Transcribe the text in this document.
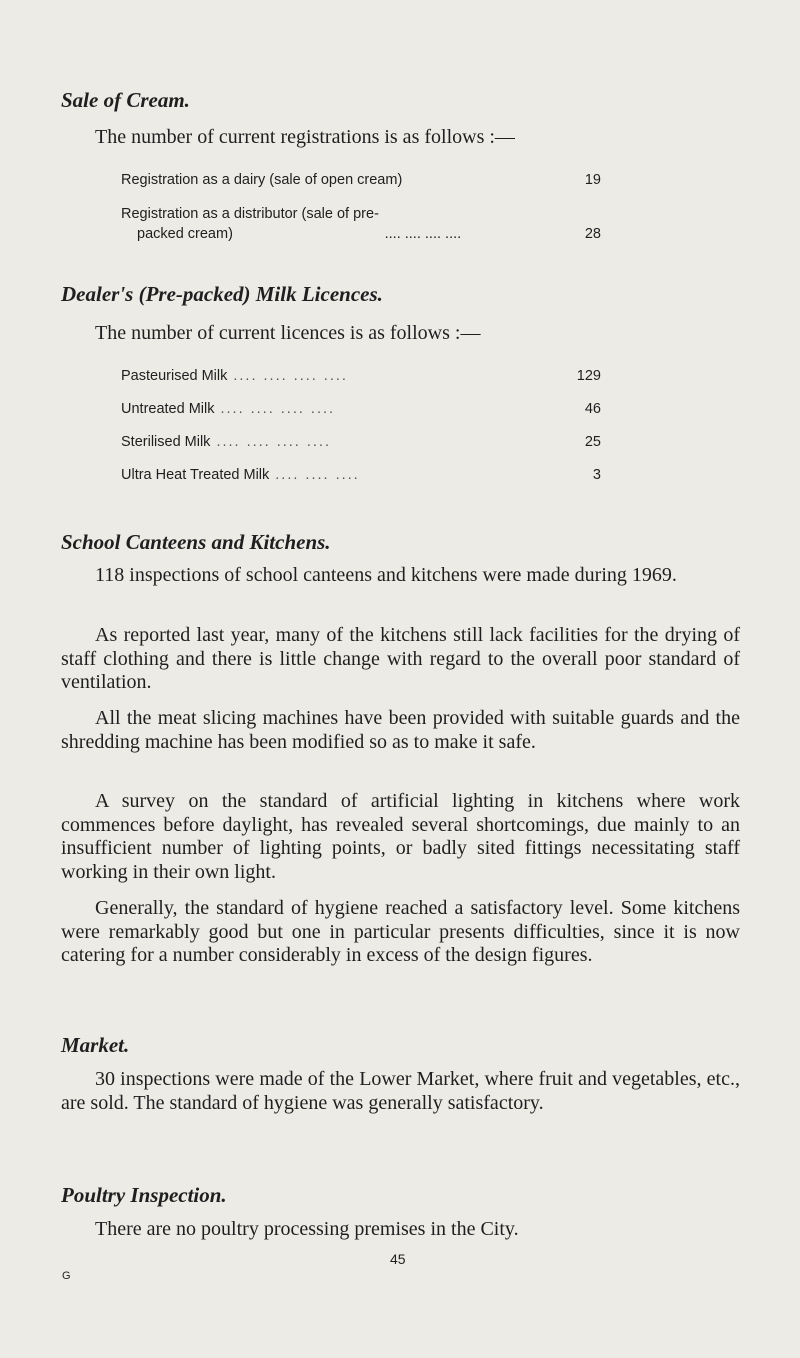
Sale of Cream.

The number of current registrations is as follows :—

Registration as a dairy (sale of open cream)	19
Registration as a distributor (sale of pre-
packed cream)	.... .... .... ....	28
Dealer's (Pre-packed) Milk Licences.

The number of current licences is as follows :—

Pasteurised Milk .... .... .... ....	129
Untreated Milk .... .... .... ....	46
Sterilised Milk .... .... .... ....	25
Ultra Heat Treated Milk .... .... ....	3
School Canteens and Kitchens.

118 inspections of school canteens and kitchens were made during 1969.

As reported last year, many of the kitchens still lack facilities for the drying of staff clothing and there is little change with regard to the overall poor standard of ventilation.

All the meat slicing machines have been provided with suitable guards and the shredding machine has been modified so as to make it safe.

A survey on the standard of artificial lighting in kitchens where work commences before daylight, has revealed several shortcomings, due mainly to an insufficient number of lighting points, or badly sited fittings necessitating staff working in their own light.

Generally, the standard of hygiene reached a satisfactory level. Some kitchens were remarkably good but one in particular presents difficulties, since it is now catering for a number considerably in excess of the design figures.

Market.

30 inspections were made of the Lower Market, where fruit and vegetables, etc., are sold. The standard of hygiene was generally satisfactory.

Poultry Inspection.

There are no poultry processing premises in the City.

45
G
